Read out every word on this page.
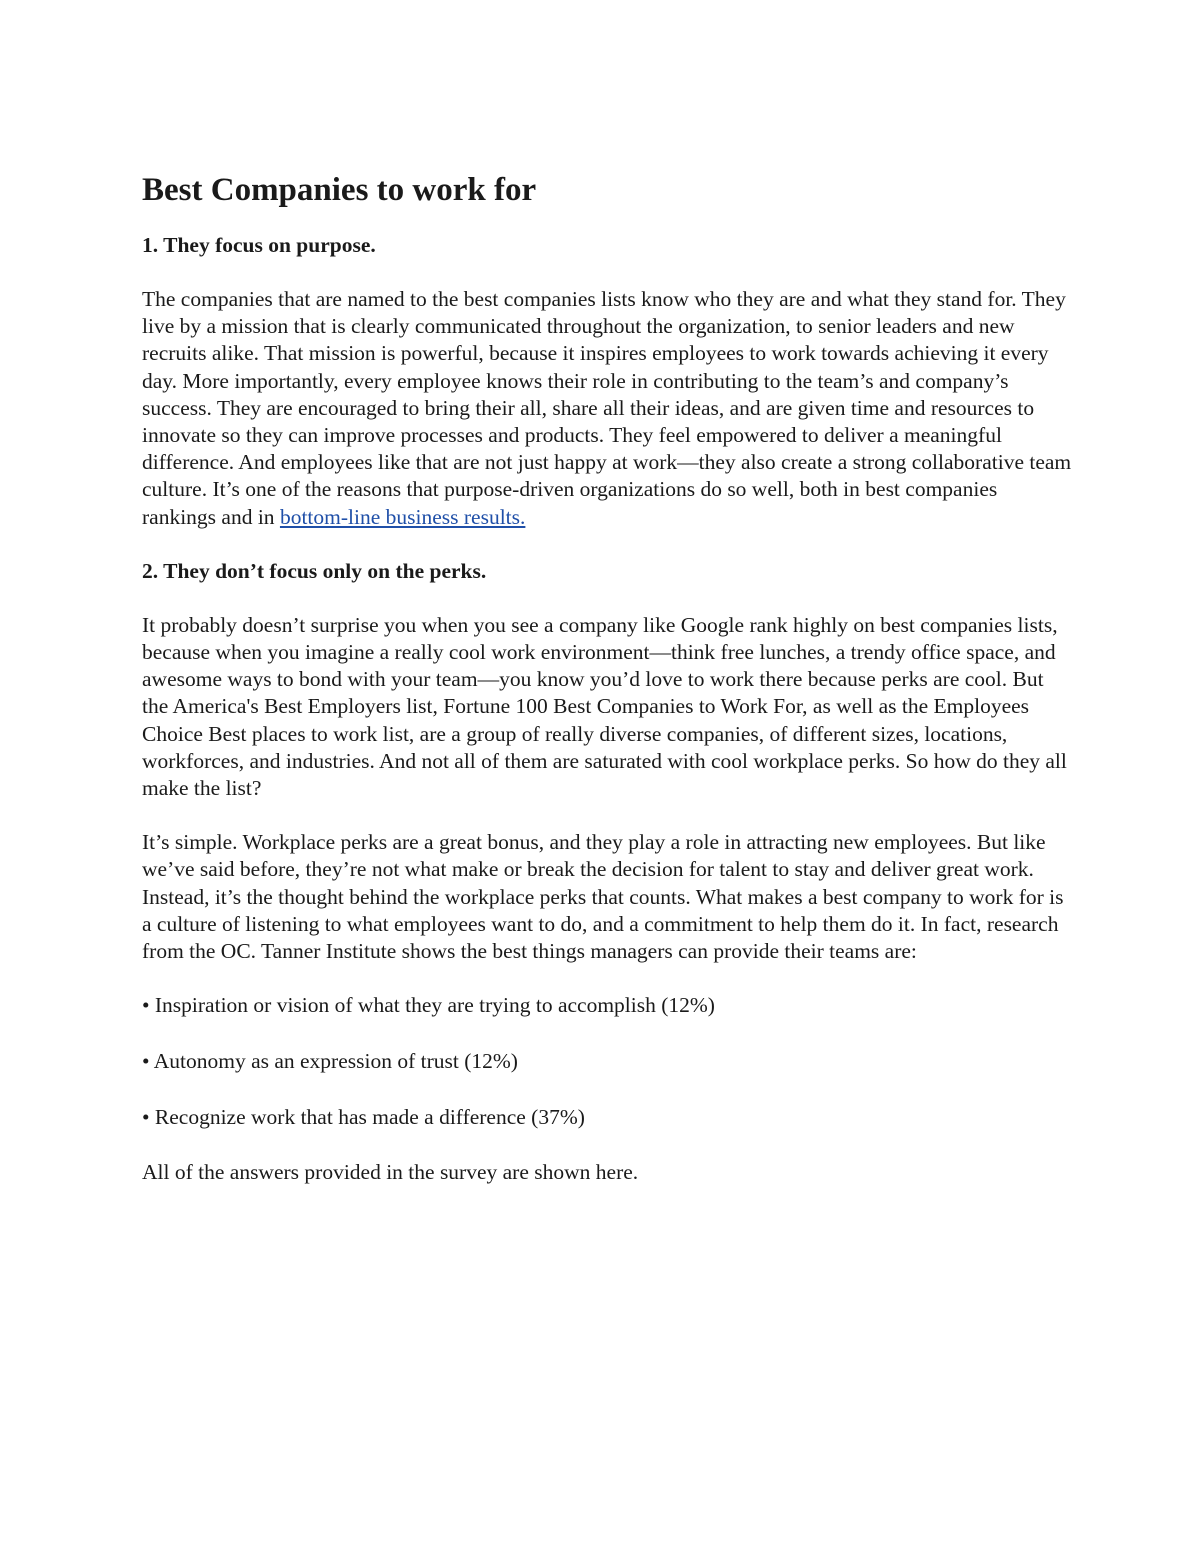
Best Companies to work for
1. They focus on purpose.

The companies that are named to the best companies lists know who they are and what they stand for. They live by a mission that is clearly communicated throughout the organization, to senior leaders and new recruits alike. That mission is powerful, because it inspires employees to work towards achieving it every day. More importantly, every employee knows their role in contributing to the team’s and company’s success. They are encouraged to bring their all, share all their ideas, and are given time and resources to innovate so they can improve processes and products. They feel empowered to deliver a meaningful difference. And employees like that are not just happy at work—they also create a strong collaborative team culture. It’s one of the reasons that purpose-driven organizations do so well, both in best companies rankings and in bottom-line business results.

2. They don’t focus only on the perks.

It probably doesn’t surprise you when you see a company like Google rank highly on best companies lists, because when you imagine a really cool work environment—think free lunches, a trendy office space, and awesome ways to bond with your team—you know you’d love to work there because perks are cool. But the America's Best Employers list, Fortune 100 Best Companies to Work For, as well as the Employees Choice Best places to work list, are a group of really diverse companies, of different sizes, locations, workforces, and industries. And not all of them are saturated with cool workplace perks. So how do they all make the list?

It’s simple. Workplace perks are a great bonus, and they play a role in attracting new employees. But like we’ve said before, they’re not what make or break the decision for talent to stay and deliver great work. Instead, it’s the thought behind the workplace perks that counts. What makes a best company to work for is a culture of listening to what employees want to do, and a commitment to help them do it. In fact, research from the OC. Tanner Institute shows the best things managers can provide their teams are:

• Inspiration or vision of what they are trying to accomplish (12%)

• Autonomy as an expression of trust (12%)

• Recognize work that has made a difference (37%)

All of the answers provided in the survey are shown here.
